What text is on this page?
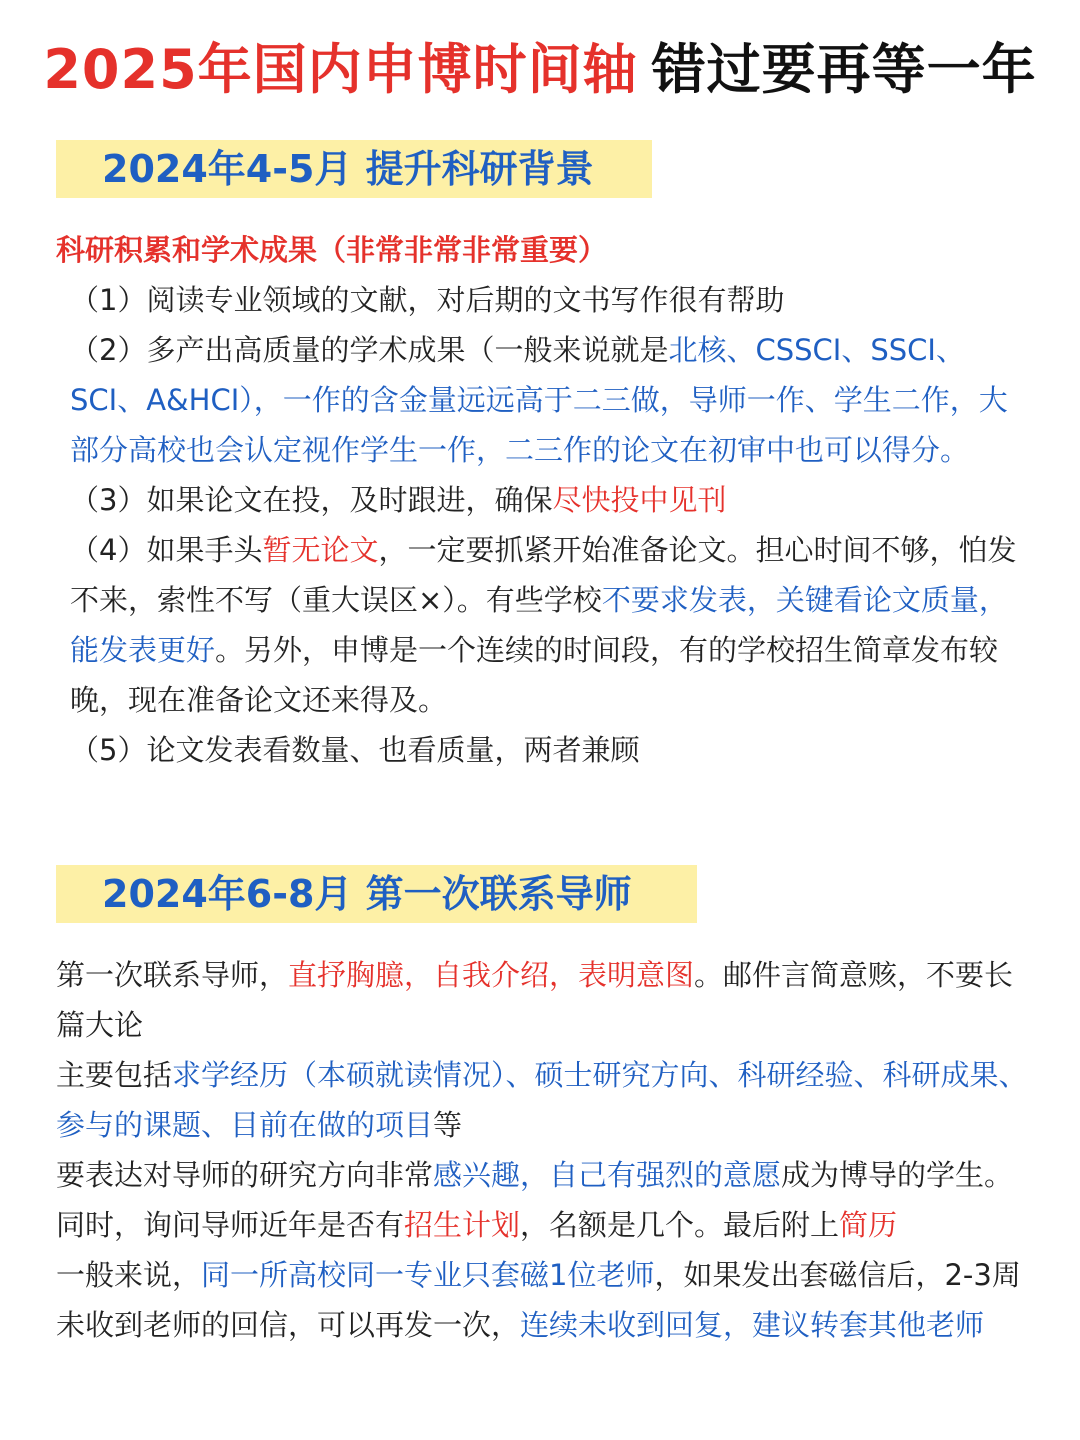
2025年国内申博时间轴 错过要再等一年
2024年4-5月 提升科研背景
科研积累和学术成果（非常非常非常重要）
（1）阅读专业领域的文献，对后期的文书写作很有帮助
（2）多产出高质量的学术成果（一般来说就是北核、CSSCI、SSCI、SCI、A&HCI），一作的含金量远远高于二三做，导师一作、学生二作，大部分高校也会认定视作学生一作，二三作的论文在初审中也可以得分。
（3）如果论文在投，及时跟进，确保尽快投中见刊
（4）如果手头暂无论文，一定要抓紧开始准备论文。担心时间不够，怕发不来，索性不写（重大误区×）。有些学校不要求发表，关键看论文质量，能发表更好。另外，申博是一个连续的时间段，有的学校招生简章发布较晚，现在准备论文还来得及。
（5）论文发表看数量、也看质量，两者兼顾
2024年6-8月 第一次联系导师
第一次联系导师，直抒胸臆，自我介绍，表明意图。邮件言简意赅，不要长篇大论
主要包括求学经历（本硕就读情况）、硕士研究方向、科研经验、科研成果、参与的课题、目前在做的项目等
要表达对导师的研究方向非常感兴趣，自己有强烈的意愿成为博导的学生。同时，询问导师近年是否有招生计划，名额是几个。最后附上简历
一般来说，同一所高校同一专业只套磁1位老师，如果发出套磁信后，2-3周未收到老师的回信，可以再发一次，连续未收到回复，建议转套其他老师
